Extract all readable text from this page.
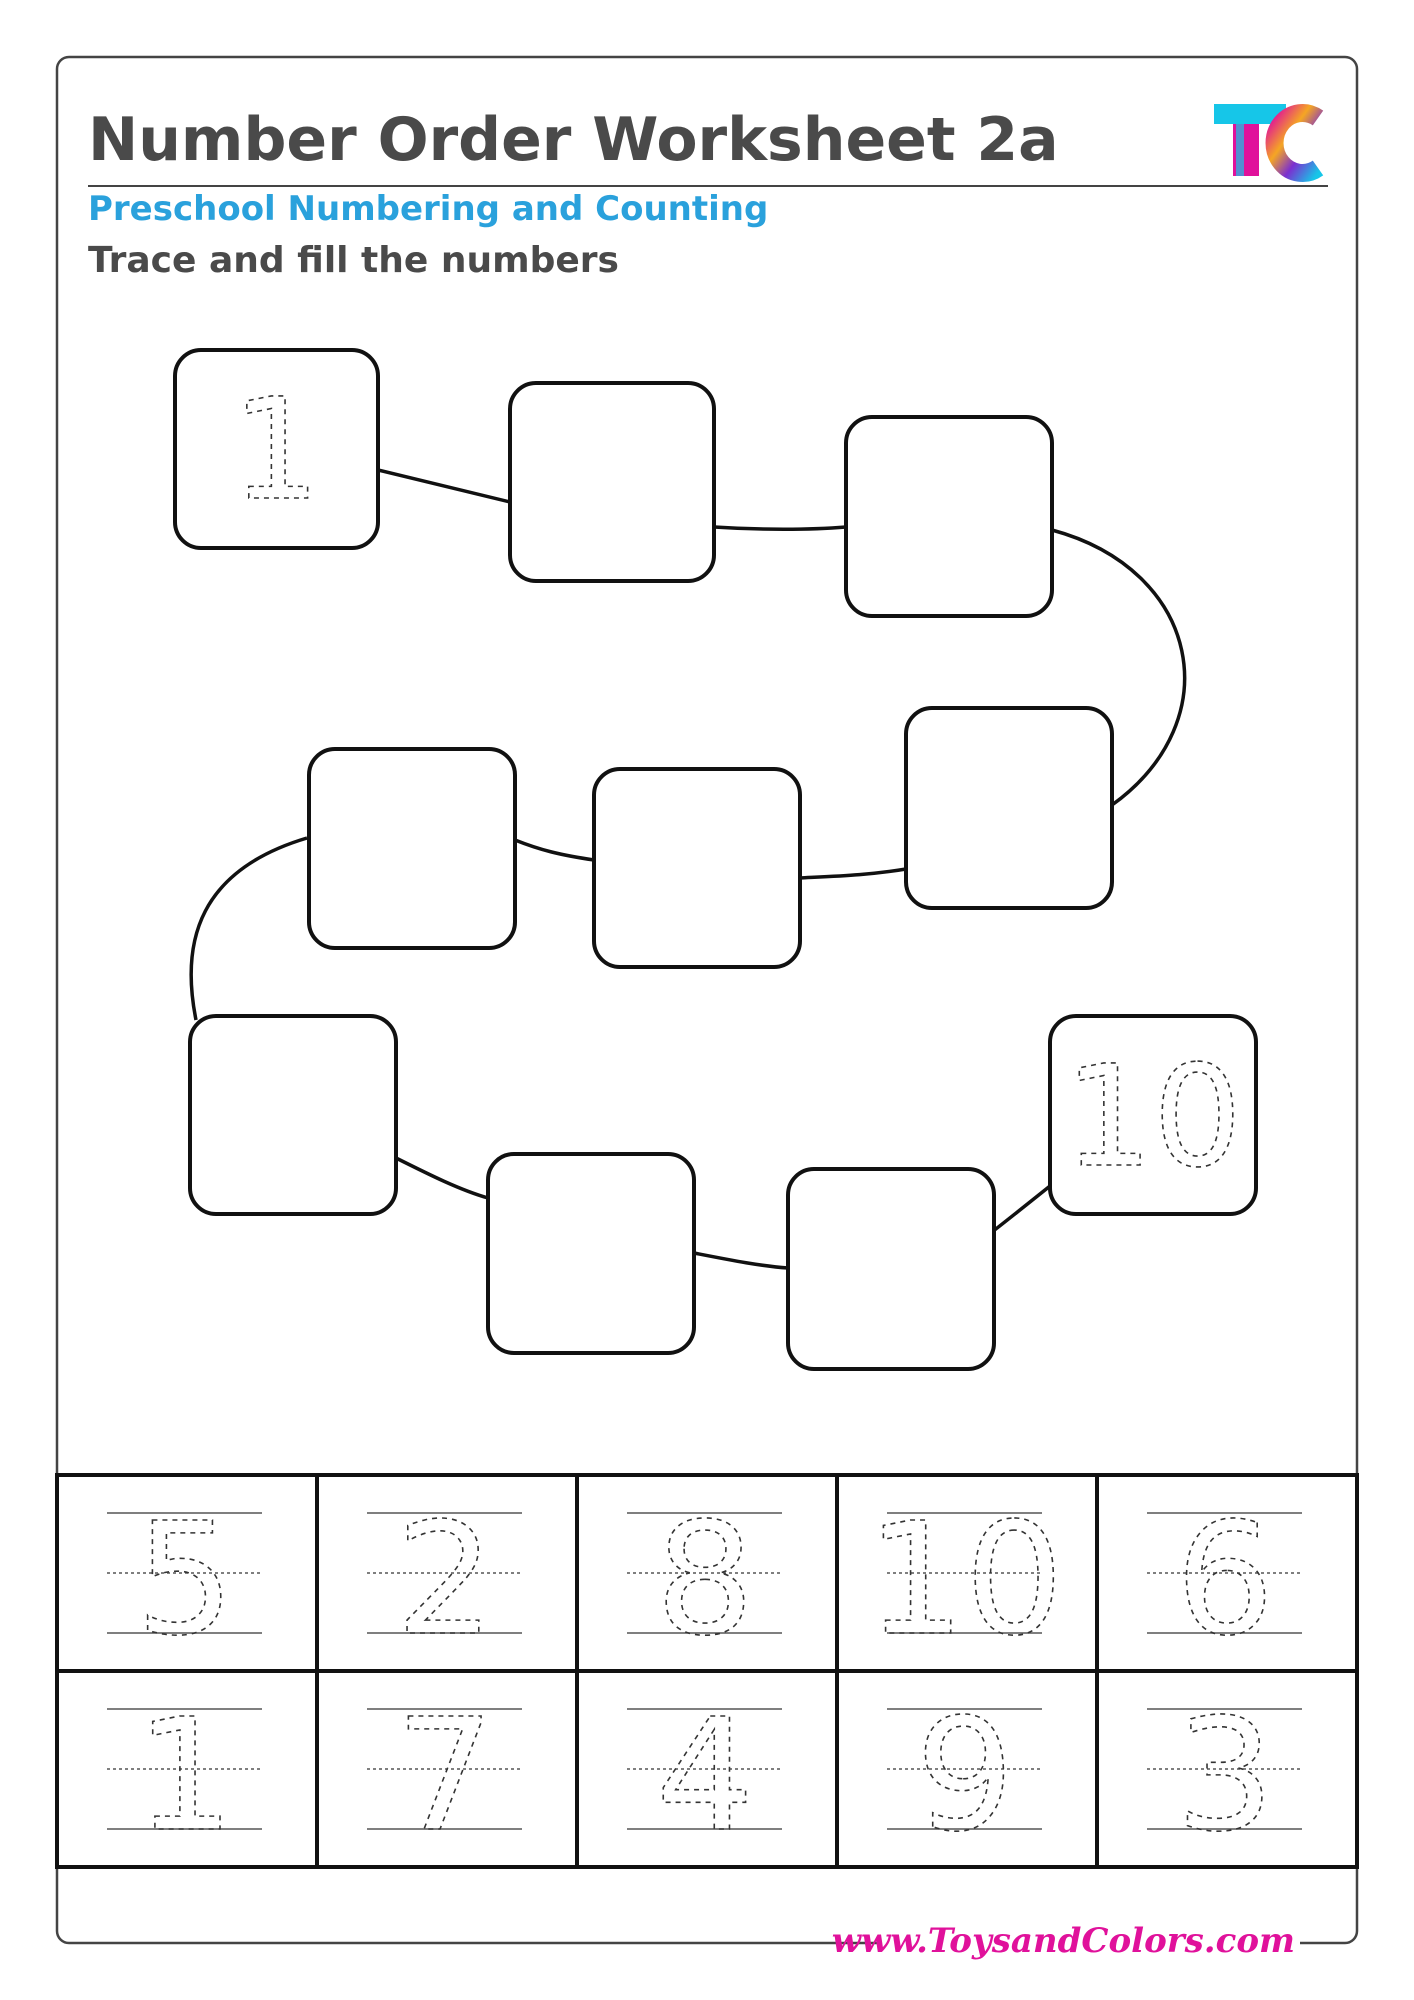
Number Order Worksheet 2a
Preschool Numbering and Counting
Trace and fill the numbers
1
10
5 2 8 10 6
1 7 4 9 3
www.ToysandColors.com
